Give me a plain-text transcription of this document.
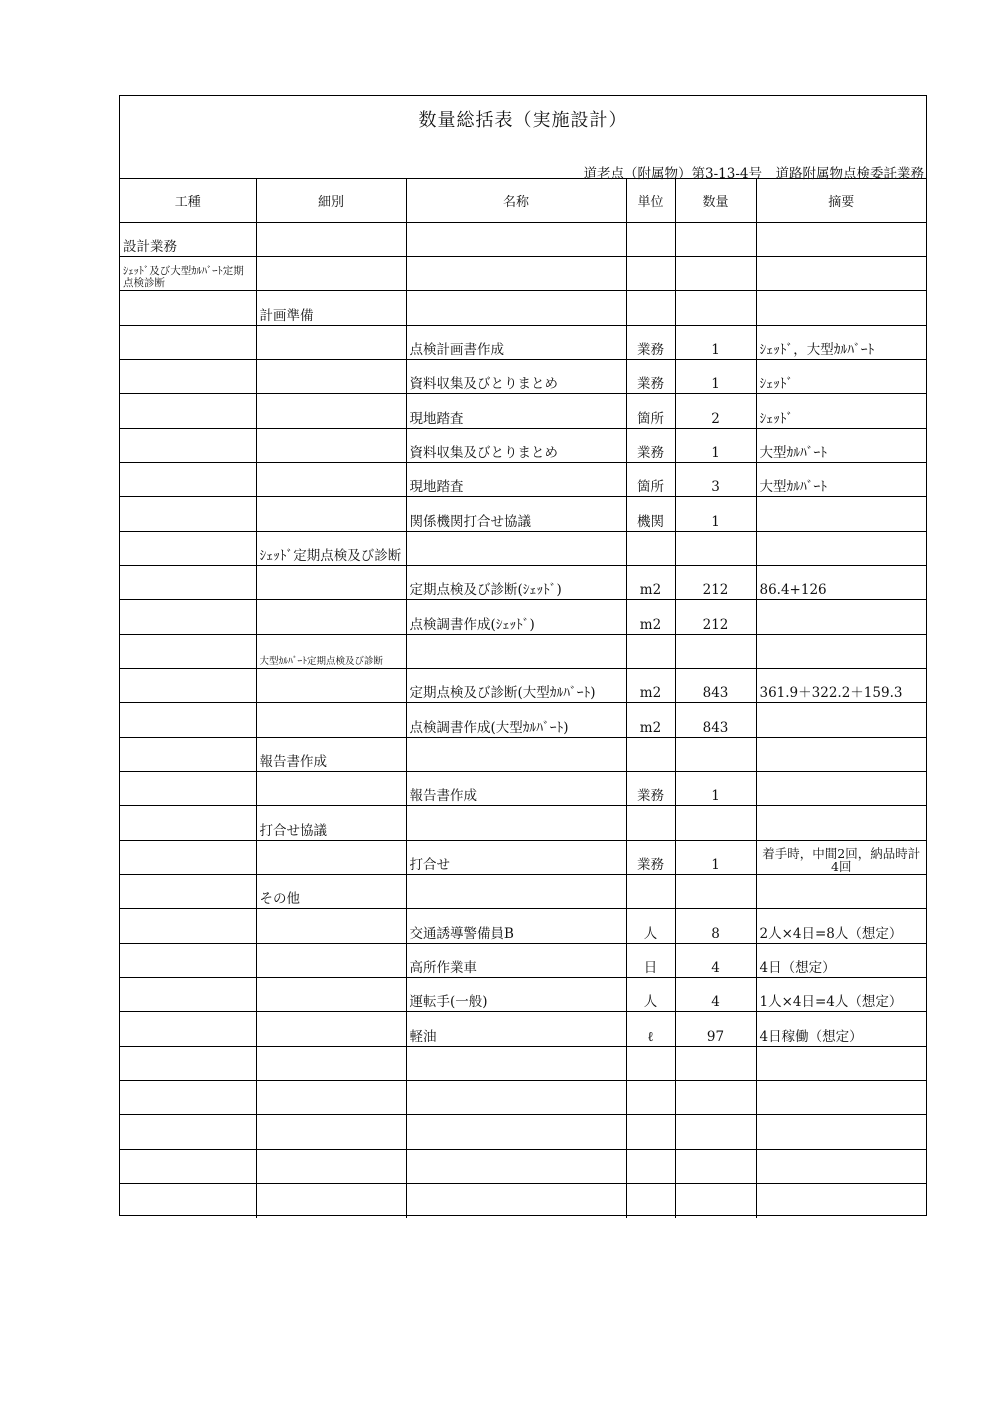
数量総括表（実施設計）
道老点（附属物）第3-13-4号　道路附属物点検委託業務
工種	細別	名称	単位	数量	摘要
設計業務					
ｼｪｯﾄﾞ及び大型ｶﾙﾊﾞｰﾄ定期点検診断					
	計画準備				
		点検計画書作成	業務	1	ｼｪｯﾄﾞ，大型ｶﾙﾊﾞｰﾄ
		資料収集及びとりまとめ	業務	1	ｼｪｯﾄﾞ
		現地踏査	箇所	2	ｼｪｯﾄﾞ
		資料収集及びとりまとめ	業務	1	大型ｶﾙﾊﾞｰﾄ
		現地踏査	箇所	3	大型ｶﾙﾊﾞｰﾄ
		関係機関打合せ協議	機関	1	
	ｼｪｯﾄﾞ定期点検及び診断				
		定期点検及び診断(ｼｪｯﾄﾞ)	m2	212	86.4+126
		点検調書作成(ｼｪｯﾄﾞ)	m2	212	
	大型ｶﾙﾊﾞｰﾄ定期点検及び診断				
		定期点検及び診断(大型ｶﾙﾊﾞｰﾄ)	m2	843	361.9＋322.2＋159.3
		点検調書作成(大型ｶﾙﾊﾞｰﾄ)	m2	843	
	報告書作成				
		報告書作成	業務	1	
	打合せ協議				
		打合せ	業務	1	着手時，中間2回，納品時計4回
	その他				
		交通誘導警備員B	人	8	2人×4日=8人（想定）
		高所作業車	日	4	4日（想定）
		運転手(一般)	人	4	1人×4日=4人（想定）
		軽油	ℓ	97	4日稼働（想定）
